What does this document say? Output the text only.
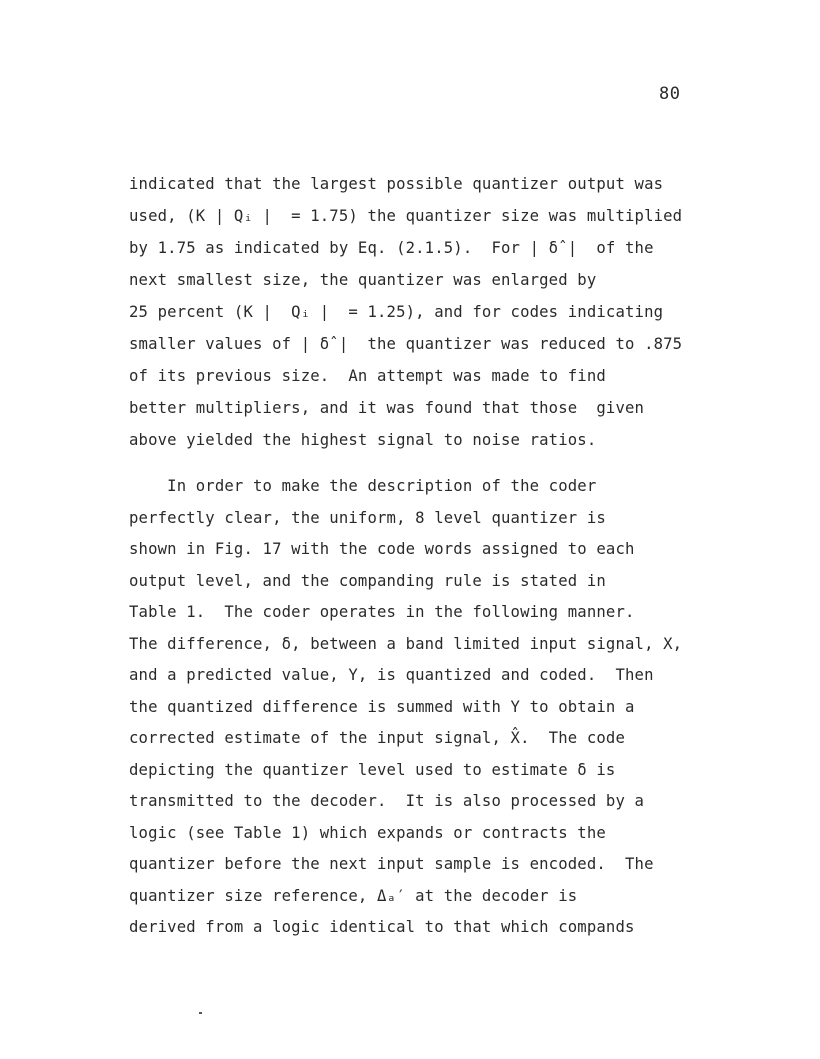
80
indicated that the largest possible quantizer output was
used, (K | Qᵢ |  = 1.75) the quantizer size was multiplied
by 1.75 as indicated by Eq. (2.1.5).  For | δ̂ |  of the
next smallest size, the quantizer was enlarged by
25 percent (K |  Qᵢ |  = 1.25), and for codes indicating
smaller values of | δ̂ |  the quantizer was reduced to .875
of its previous size.  An attempt was made to find
better multipliers, and it was found that those  given
above yielded the highest signal to noise ratios.
In order to make the description of the coder
perfectly clear, the uniform, 8 level quantizer is
shown in Fig. 17 with the code words assigned to each
output level, and the companding rule is stated in
Table 1.  The coder operates in the following manner.
The difference, δ, between a band limited input signal, X,
and a predicted value, Y, is quantized and coded.  Then
the quantized difference is summed with Y to obtain a
corrected estimate of the input signal, X̂.  The code
depicting the quantizer level used to estimate δ is
transmitted to the decoder.  It is also processed by a
logic (see Table 1) which expands or contracts the
quantizer before the next input sample is encoded.  The
quantizer size reference, Δₐ′ at the decoder is
derived from a logic identical to that which compands
